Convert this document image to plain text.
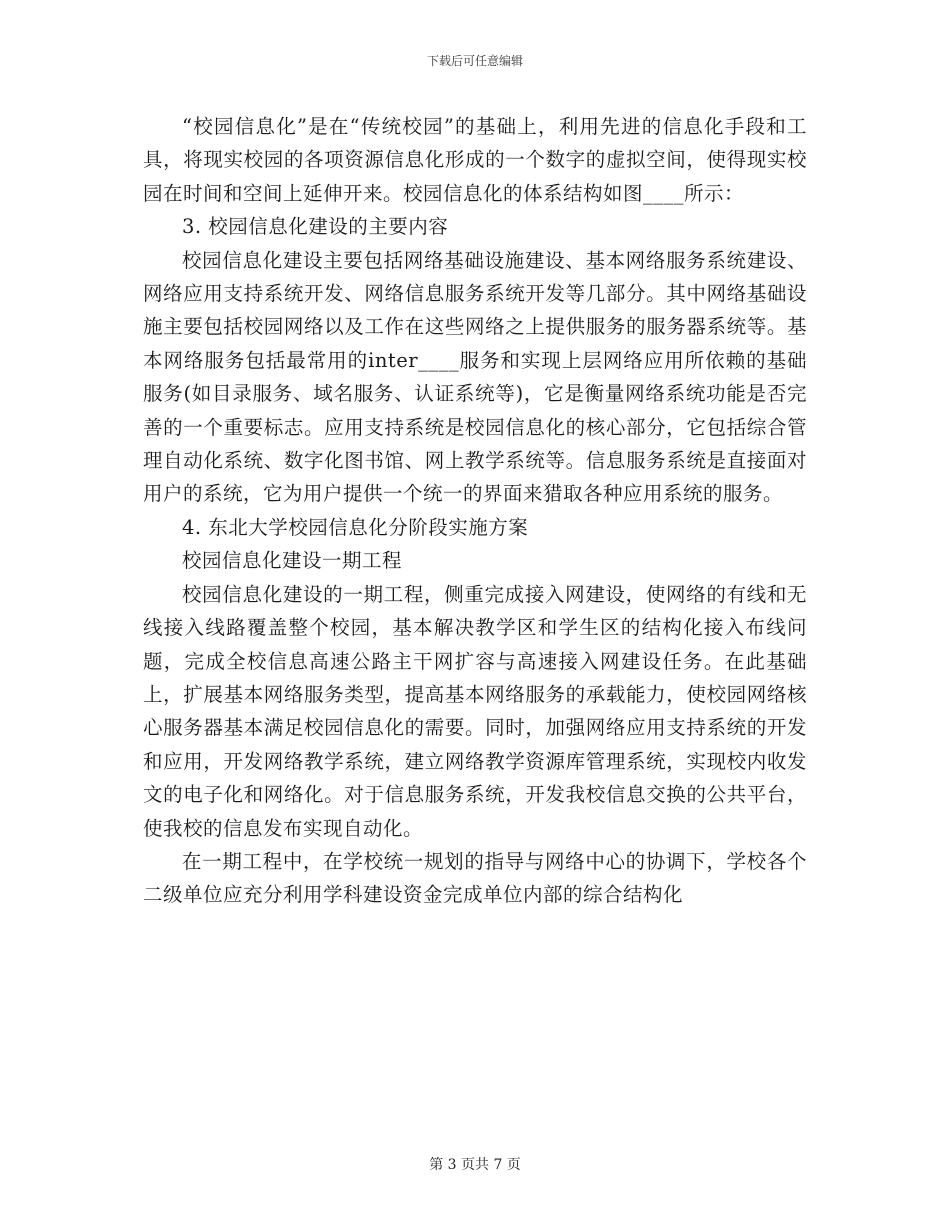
下载后可任意编辑

“校园信息化”是在“传统校园”的基础上，利用先进的信息化手段和工具，将现实校园的各项资源信息化形成的一个数字的虚拟空间，使得现实校园在时间和空间上延伸开来。校园信息化的体系结构如图____所示：

3. 校园信息化建设的主要内容

校园信息化建设主要包括网络基础设施建设、基本网络服务系统建设、网络应用支持系统开发、网络信息服务系统开发等几部分。其中网络基础设施主要包括校园网络以及工作在这些网络之上提供服务的服务器系统等。基本网络服务包括最常用的inter____服务和实现上层网络应用所依赖的基础服务(如目录服务、域名服务、认证系统等)，它是衡量网络系统功能是否完善的一个重要标志。应用支持系统是校园信息化的核心部分，它包括综合管理自动化系统、数字化图书馆、网上教学系统等。信息服务系统是直接面对用户的系统，它为用户提供一个统一的界面来猎取各种应用系统的服务。

4. 东北大学校园信息化分阶段实施方案

校园信息化建设一期工程

校园信息化建设的一期工程，侧重完成接入网建设，使网络的有线和无线接入线路覆盖整个校园，基本解决教学区和学生区的结构化接入布线问题，完成全校信息高速公路主干网扩容与高速接入网建设任务。在此基础上，扩展基本网络服务类型，提高基本网络服务的承载能力，使校园网络核心服务器基本满足校园信息化的需要。同时，加强网络应用支持系统的开发和应用，开发网络教学系统，建立网络教学资源库管理系统，实现校内收发文的电子化和网络化。对于信息服务系统，开发我校信息交换的公共平台，使我校的信息发布实现自动化。

在一期工程中，在学校统一规划的指导与网络中心的协调下，学校各个二级单位应充分利用学科建设资金完成单位内部的综合结构化

第 3 页共 7 页
